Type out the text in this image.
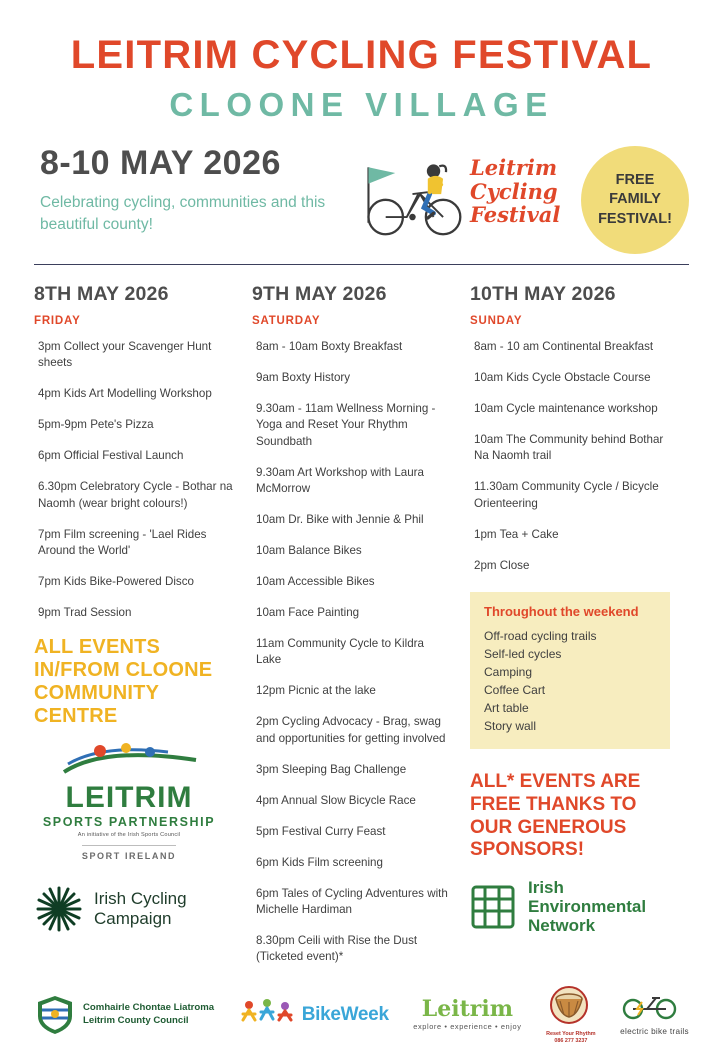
LEITRIM CYCLING FESTIVAL
CLOONE VILLAGE
8-10 MAY 2026
Celebrating cycling, communities and this beautiful county!
Leitrim
Cycling
Festival
FREE FAMILY FESTIVAL!
8TH MAY 2026
FRIDAY
3pm Collect your Scavenger Hunt sheets
4pm Kids Art Modelling Workshop
5pm-9pm Pete's Pizza
6pm Official Festival Launch
6.30pm Celebratory Cycle - Bothar na Naomh (wear bright colours!)
7pm Film screening - 'Lael Rides Around the World'
7pm Kids Bike-Powered Disco
9pm Trad Session
ALL EVENTS IN/FROM CLOONE COMMUNITY CENTRE
LEITRIM
SPORTS PARTNERSHIP
An initiative of the Irish Sports Council
SPORT IRELAND
Irish Cycling
Campaign
9TH MAY 2026
SATURDAY
8am - 10am Boxty Breakfast
9am Boxty History
9.30am - 11am Wellness Morning - Yoga and Reset Your Rhythm Soundbath
9.30am Art Workshop with Laura McMorrow
10am Dr. Bike with Jennie & Phil
10am Balance Bikes
10am Accessible Bikes
10am Face Painting
11am Community Cycle to Kildra Lake
12pm Picnic at the lake
2pm Cycling Advocacy - Brag, swag and opportunities for getting involved
3pm Sleeping Bag Challenge
4pm Annual Slow Bicycle Race
5pm Festival Curry Feast
6pm Kids Film screening
6pm Tales of Cycling Adventures with Michelle Hardiman
8.30pm Ceili with Rise the Dust (Ticketed event)*
10TH MAY 2026
SUNDAY
8am - 10 am Continental Breakfast
10am Kids Cycle Obstacle Course
10am Cycle maintenance workshop
10am The Community behind Bothar Na Naomh trail
11.30am Community Cycle / Bicycle Orienteering
1pm Tea + Cake
2pm Close
Throughout the weekend
Off-road cycling trails
Self-led cycles
Camping
Coffee Cart
Art table
Story wall
ALL* EVENTS ARE FREE THANKS TO OUR GENEROUS SPONSORS!
Irish
Environmental
Network
Comhairle Chontae Liatroma
Leitrim County Council	BikeWeek	Leitrim
explore • experience • enjoy
Reset Your Rhythm
086 277 3237
electric bike trails
